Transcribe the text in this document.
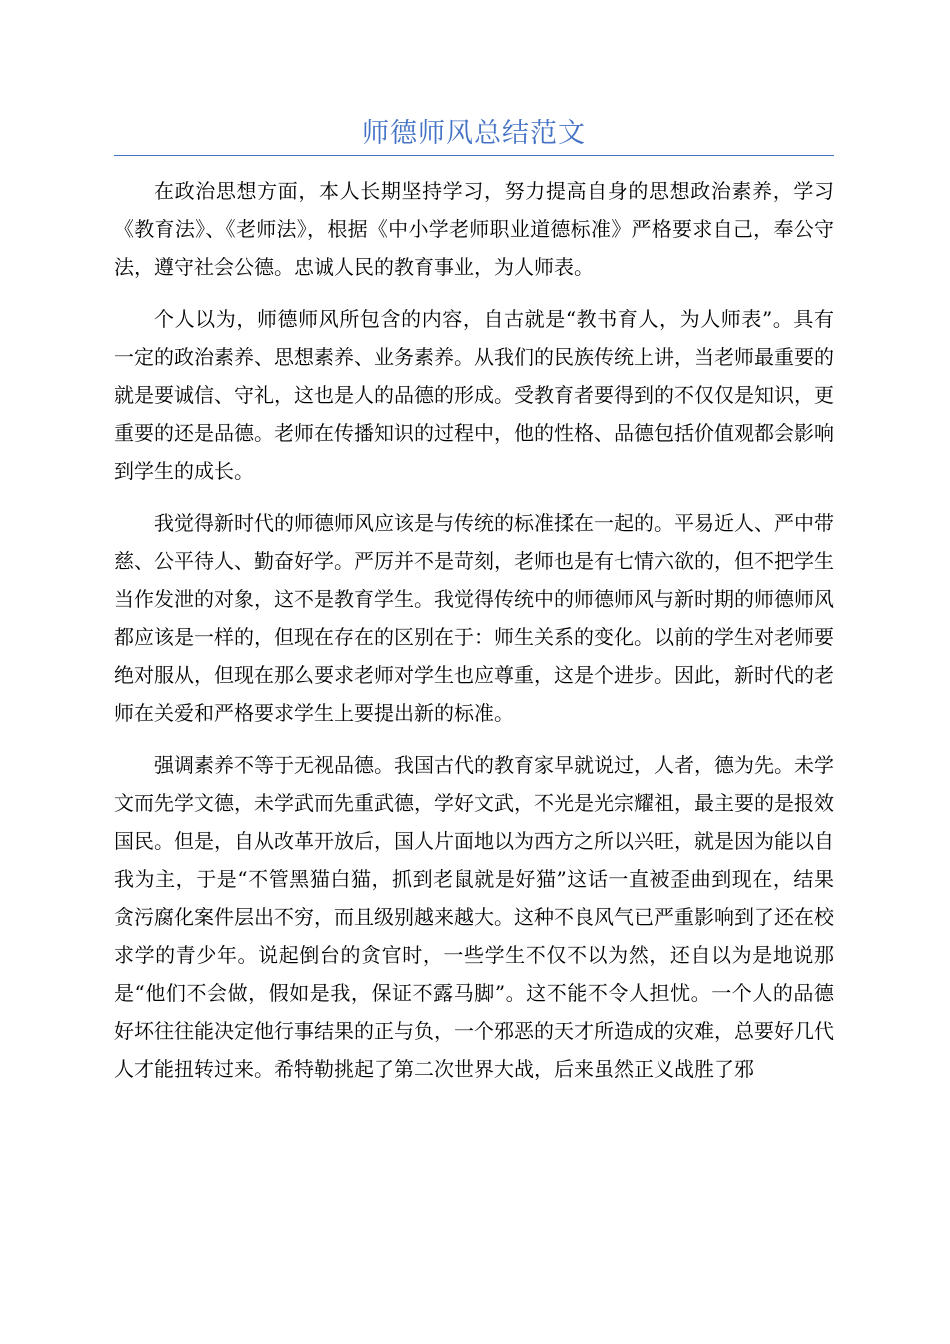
师德师风总结范文

在政治思想方面，本人长期坚持学习，努力提高自身的思想政治素养，学习《教育法》、《老师法》，根据《中小学老师职业道德标准》严格要求自己，奉公守法，遵守社会公德。忠诚人民的教育事业，为人师表。

个人以为，师德师风所包含的内容，自古就是“教书育人，为人师表”。具有一定的政治素养、思想素养、业务素养。从我们的民族传统上讲，当老师最重要的就是要诚信、守礼，这也是人的品德的形成。受教育者要得到的不仅仅是知识，更重要的还是品德。老师在传播知识的过程中，他的性格、品德包括价值观都会影响到学生的成长。

我觉得新时代的师德师风应该是与传统的标准揉在一起的。平易近人、严中带慈、公平待人、勤奋好学。严厉并不是苛刻，老师也是有七情六欲的，但不把学生当作发泄的对象，这不是教育学生。我觉得传统中的师德师风与新时期的师德师风都应该是一样的，但现在存在的区别在于：师生关系的变化。以前的学生对老师要绝对服从，但现在那么要求老师对学生也应尊重，这是个进步。因此，新时代的老师在关爱和严格要求学生上要提出新的标准。

强调素养不等于无视品德。我国古代的教育家早就说过，人者，德为先。未学文而先学文德，未学武而先重武德，学好文武，不光是光宗耀祖，最主要的是报效国民。但是，自从改革开放后，国人片面地以为西方之所以兴旺，就是因为能以自我为主，于是“不管黑猫白猫，抓到老鼠就是好猫”这话一直被歪曲到现在，结果贪污腐化案件层出不穷，而且级别越来越大。这种不良风气已严重影响到了还在校求学的青少年。说起倒台的贪官时，一些学生不仅不以为然，还自以为是地说那是“他们不会做，假如是我，保证不露马脚”。这不能不令人担忧。一个人的品德好坏往往能决定他行事结果的正与负，一个邪恶的天才所造成的灾难，总要好几代人才能扭转过来。希特勒挑起了第二次世界大战，后来虽然正义战胜了邪
